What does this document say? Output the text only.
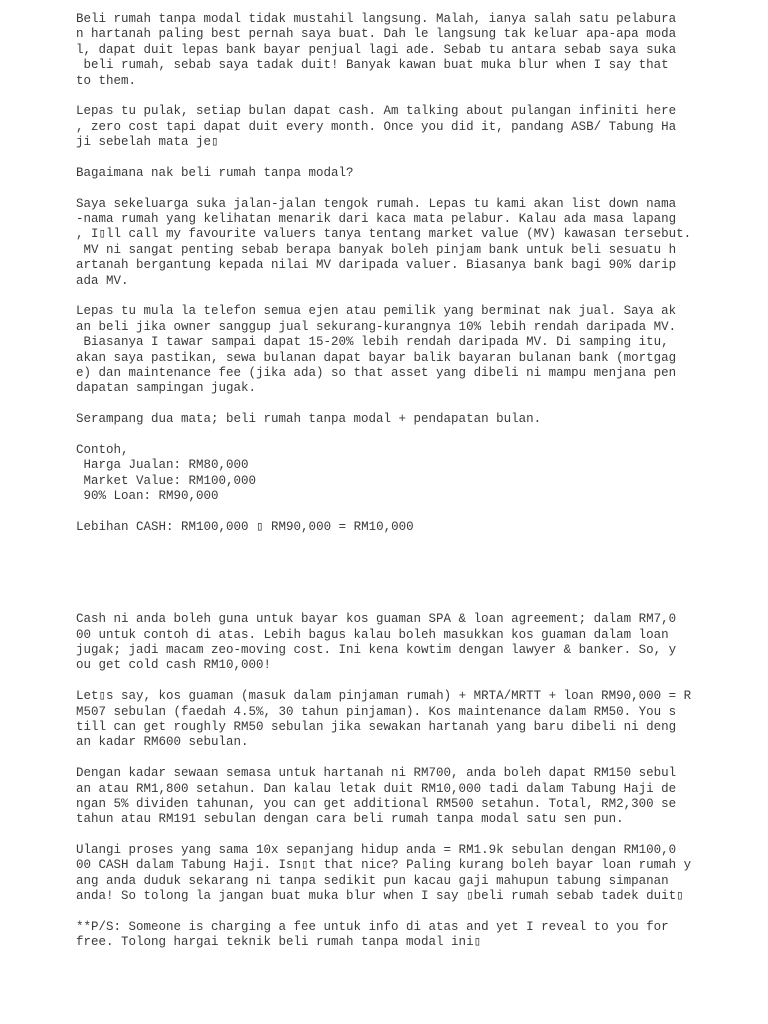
Beli rumah tanpa modal tidak mustahil langsung. Malah, ianya salah satu pelabura
n hartanah paling best pernah saya buat. Dah le langsung tak keluar apa-apa moda
l, dapat duit lepas bank bayar penjual lagi ade. Sebab tu antara sebab saya suka
beli rumah, sebab saya tadak duit! Banyak kawan buat muka blur when I say that
to them.
Lepas tu pulak, setiap bulan dapat cash. Am talking about pulangan infiniti here
, zero cost tapi dapat duit every month. Once you did it, pandang ASB/ Tabung Ha
ji sebelah mata je▯
Bagaimana nak beli rumah tanpa modal?
Saya sekeluarga suka jalan-jalan tengok rumah. Lepas tu kami akan list down nama
-nama rumah yang kelihatan menarik dari kaca mata pelabur. Kalau ada masa lapang
, I▯ll call my favourite valuers tanya tentang market value (MV) kawasan tersebut.
MV ni sangat penting sebab berapa banyak boleh pinjam bank untuk beli sesuatu h
artanah bergantung kepada nilai MV daripada valuer. Biasanya bank bagi 90% darip
ada MV.
Lepas tu mula la telefon semua ejen atau pemilik yang berminat nak jual. Saya ak
an beli jika owner sanggup jual sekurang-kurangnya 10% lebih rendah daripada MV.
Biasanya I tawar sampai dapat 15-20% lebih rendah daripada MV. Di samping itu,
akan saya pastikan, sewa bulanan dapat bayar balik bayaran bulanan bank (mortgag
e) dan maintenance fee (jika ada) so that asset yang dibeli ni mampu menjana pen
dapatan sampingan jugak.
Serampang dua mata; beli rumah tanpa modal + pendapatan bulan.
Contoh,
Harga Jualan: RM80,000
Market Value: RM100,000
90% Loan: RM90,000
Lebihan CASH: RM100,000 ▯ RM90,000 = RM10,000
Cash ni anda boleh guna untuk bayar kos guaman SPA & loan agreement; dalam RM7,0
00 untuk contoh di atas. Lebih bagus kalau boleh masukkan kos guaman dalam loan
jugak; jadi macam zeo-moving cost. Ini kena kowtim dengan lawyer & banker. So, y
ou get cold cash RM10,000!
Let▯s say, kos guaman (masuk dalam pinjaman rumah) + MRTA/MRTT + loan RM90,000 = R
M507 sebulan (faedah 4.5%, 30 tahun pinjaman). Kos maintenance dalam RM50. You s
till can get roughly RM50 sebulan jika sewakan hartanah yang baru dibeli ni deng
an kadar RM600 sebulan.
Dengan kadar sewaan semasa untuk hartanah ni RM700, anda boleh dapat RM150 sebul
an atau RM1,800 setahun. Dan kalau letak duit RM10,000 tadi dalam Tabung Haji de
ngan 5% dividen tahunan, you can get additional RM500 setahun. Total, RM2,300 se
tahun atau RM191 sebulan dengan cara beli rumah tanpa modal satu sen pun.
Ulangi proses yang sama 10x sepanjang hidup anda = RM1.9k sebulan dengan RM100,0
00 CASH dalam Tabung Haji. Isn▯t that nice? Paling kurang boleh bayar loan rumah y
ang anda duduk sekarang ni tanpa sedikit pun kacau gaji mahupun tabung simpanan
anda! So tolong la jangan buat muka blur when I say ▯beli rumah sebab tadek duit▯
**P/S: Someone is charging a fee untuk info di atas and yet I reveal to you for
free. Tolong hargai teknik beli rumah tanpa modal ini▯
